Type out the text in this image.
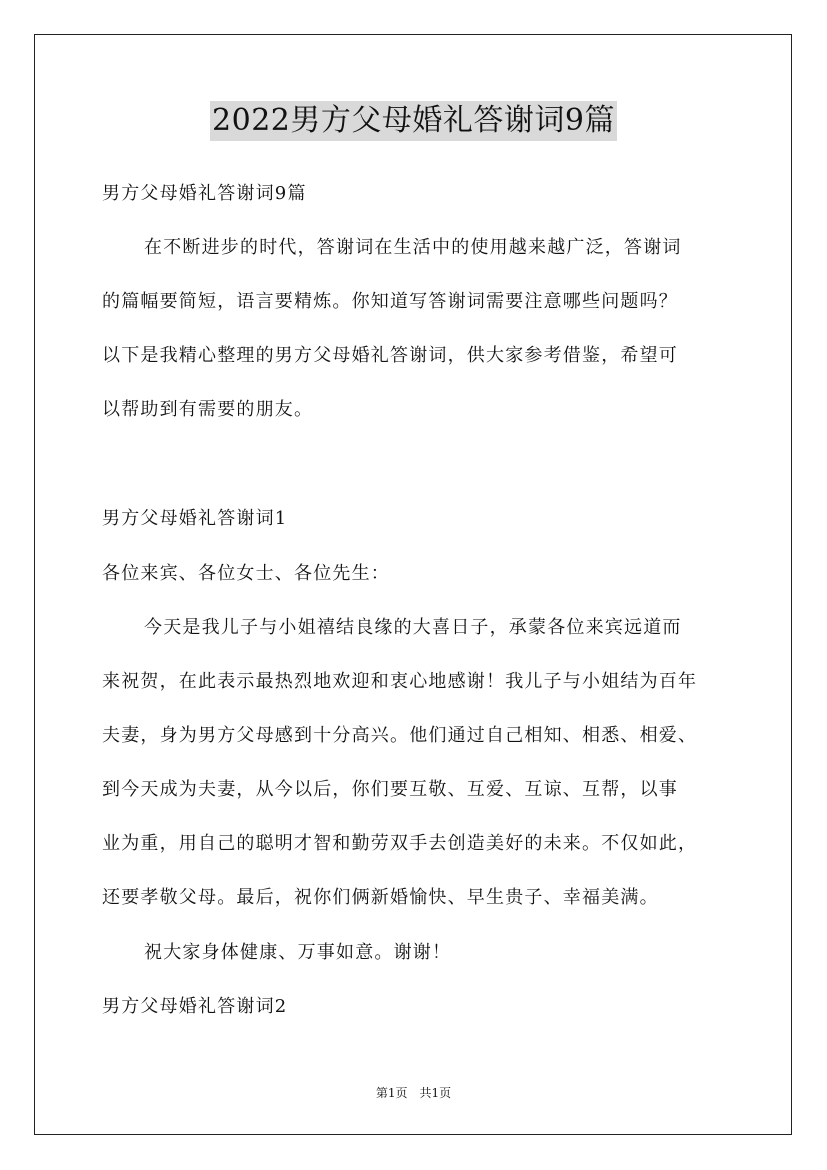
2022男方父母婚礼答谢词9篇
男方父母婚礼答谢词9篇
在不断进步的时代，答谢词在生活中的使用越来越广泛，答谢词
的篇幅要简短，语言要精炼。你知道写答谢词需要注意哪些问题吗？
以下是我精心整理的男方父母婚礼答谢词，供大家参考借鉴，希望可
以帮助到有需要的朋友。
男方父母婚礼答谢词1
各位来宾、各位女士、各位先生：
今天是我儿子与小姐禧结良缘的大喜日子，承蒙各位来宾远道而
来祝贺，在此表示最热烈地欢迎和衷心地感谢！我儿子与小姐结为百年
夫妻，身为男方父母感到十分高兴。他们通过自己相知、相悉、相爱、
到今天成为夫妻，从今以后，你们要互敬、互爱、互谅、互帮，以事
业为重，用自己的聪明才智和勤劳双手去创造美好的未来。不仅如此，
还要孝敬父母。最后，祝你们俩新婚愉快、早生贵子、幸福美满。
祝大家身体健康、万事如意。谢谢！
男方父母婚礼答谢词2
第1页　共1页
